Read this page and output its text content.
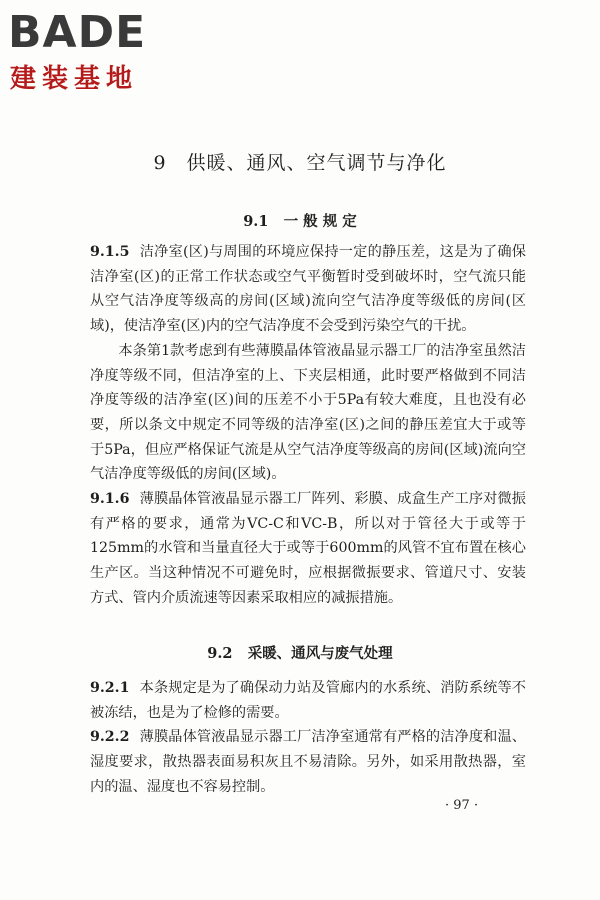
BADE
建装基地
9 供暖、通风、空气调节与净化
9.1 一 般 规 定

9.1.5 洁净室(区)与周围的环境应保持一定的静压差，这是为了确保洁净室(区)的正常工作状态或空气平衡暂时受到破坏时，空气流只能从空气洁净度等级高的房间(区域)流向空气洁净度等级低的房间(区域)，使洁净室(区)内的空气洁净度不会受到污染空气的干扰。

本条第1款考虑到有些薄膜晶体管液晶显示器工厂的洁净室虽然洁净度等级不同，但洁净室的上、下夹层相通，此时要严格做到不同洁净度等级的洁净室(区)间的压差不小于5Pa有较大难度，且也没有必要，所以条文中规定不同等级的洁净室(区)之间的静压差宜大于或等于5Pa，但应严格保证气流是从空气洁净度等级高的房间(区域)流向空气洁净度等级低的房间(区域)。

9.1.6 薄膜晶体管液晶显示器工厂阵列、彩膜、成盒生产工序对微振有严格的要求，通常为VC-C和VC-B，所以对于管径大于或等于125mm的水管和当量直径大于或等于600mm的风管不宜布置在核心生产区。当这种情况不可避免时，应根据微振要求、管道尺寸、安装方式、管内介质流速等因素采取相应的减振措施。

9.2 采暖、通风与废气处理

9.2.1 本条规定是为了确保动力站及管廊内的水系统、消防系统等不被冻结，也是为了检修的需要。

9.2.2 薄膜晶体管液晶显示器工厂洁净室通常有严格的洁净度和温、湿度要求，散热器表面易积灰且不易清除。另外，如采用散热器，室内的温、湿度也不容易控制。

· 97 ·
